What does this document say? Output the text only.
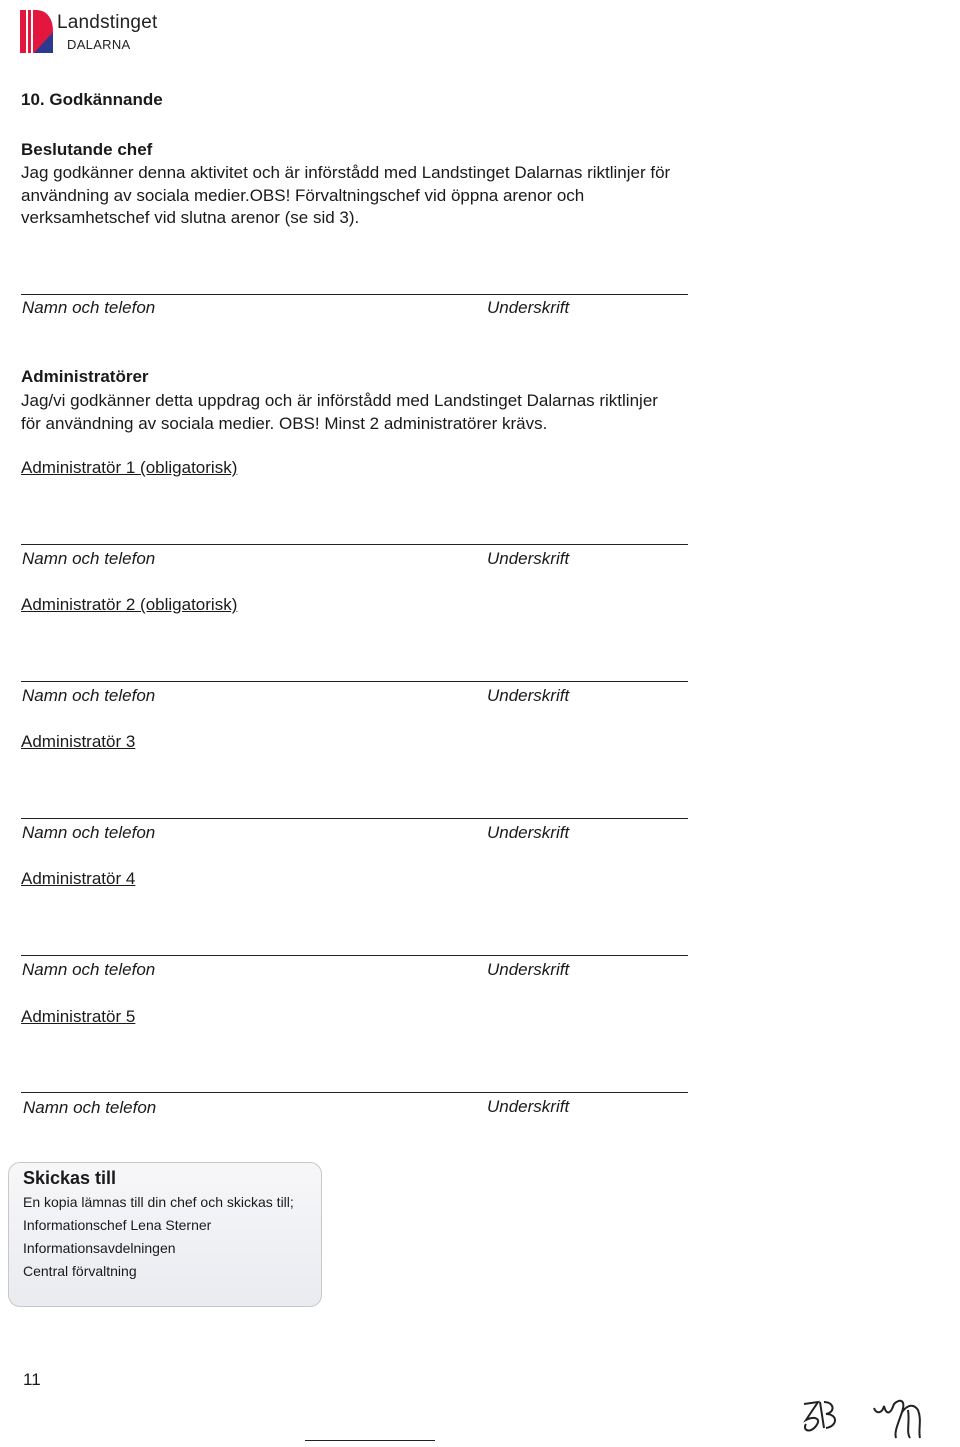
Landstinget
DALARNA
10. Godkännande
Beslutande chef
Jag godkänner denna aktivitet och är införstådd med Landstinget Dalarnas riktlinjer för
användning av sociala medier.OBS! Förvaltningschef vid öppna arenor och
verksamhetschef vid slutna arenor (se sid 3).
Namn och telefon	Underskrift
Administratörer
Jag/vi godkänner detta uppdrag och är införstådd med Landstinget Dalarnas riktlinjer
för användning av sociala medier. OBS! Minst 2 administratörer krävs.
Administratör 1 (obligatorisk)
Namn och telefon	Underskrift
Administratör 2 (obligatorisk)
Namn och telefon	Underskrift
Administratör 3
Namn och telefon	Underskrift
Administratör 4
Namn och telefon	Underskrift
Administratör 5
Namn och telefon	Underskrift
Skickas till
En kopia lämnas till din chef och skickas till;
Informationschef Lena Sterner
Informationsavdelningen
Central förvaltning
11
